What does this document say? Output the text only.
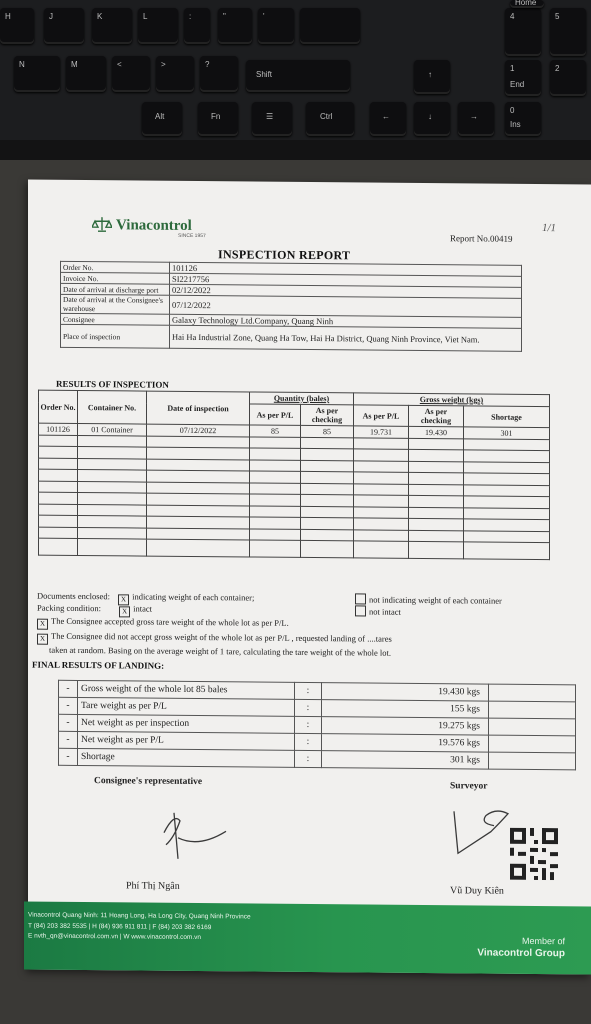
H	J	K	L	:	"	'	4	5
Home
N	M	<	>	?
Shift	↑
1
End
2
Alt	Fn	☰	Ctrl	←	↓	→
0
Ins
Vinacontrol
SINCE 1957	Report No.00419
1/1
INSPECTION REPORT
Order No.	101126
Invoice No.	SI2217756
Date of arrival at discharge port	02/12/2022
Date of arrival at the Consignee's warehouse	07/12/2022
Consignee	Galaxy Technology Ltd.Company, Quang Ninh
Place of inspection	Hai Ha Industrial Zone, Quang Ha Tow, Hai Ha District, Quang Ninh Province, Viet Nam.
RESULTS OF INSPECTION
Order No.	Container No.	Date of inspection	Quantity (bales)		Gross weight (kgs)		
			As per P/L	As per checking	As per P/L	As per checking	Shortage
101126	01 Container	07/12/2022	85	85	19.731	19.430	301

Documents enclosed: X indicating weight of each container;	not indicating weight of each container
Packing condition:	X intact	not intact
X The Consignee accepted gross tare weight of the whole lot as per P/L.
X The Consignee did not accept gross weight of the whole lot as per P/L , requested landing of ....tares
taken at random. Basing on the average weight of 1 tare, calculating the tare weight of the whole lot.
FINAL RESULTS OF LANDING:
-	Gross weight of the whole lot 85 bales	:	19.430 kgs	
-	Tare weight as per P/L	:	155 kgs	
-	Net weight as per inspection	:	19.275 kgs	
-	Net weight as per P/L	:	19.576 kgs	
-	Shortage	:	301 kgs	
Consignee's representative	Surveyor
Phí Thị Ngân	Vũ Duy Kiên
Vinacontrol Quang Ninh: 11 Hoang Long, Ha Long City, Quang Ninh Province
T (84) 203 382 5535 | H (84) 936 911 811 | F (84) 203 382 6169
E nvth_qn@vinacontrol.com.vn | W www.vinacontrol.com.vn	Member of
Vinacontrol Group
